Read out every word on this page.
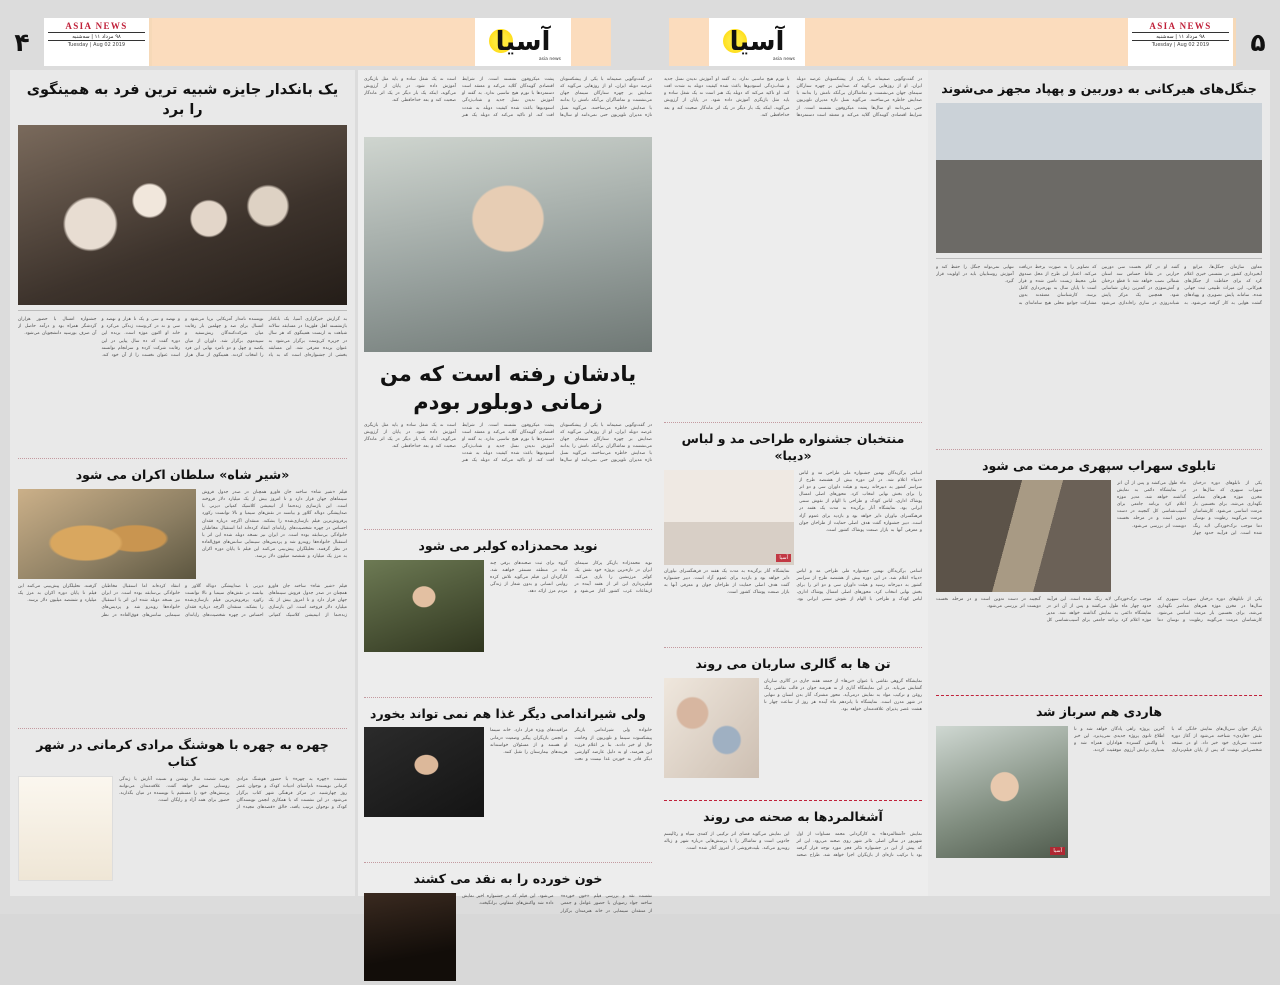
۵
ASIA NEWS
۹۸ مرداد ۱۱ | سه‌شنبه
Tuesday | Aug 02 2019
آسیا
asia news
آسیا
asia news
ASIA NEWS
۹۸ مرداد ۱۱ | سه‌شنبه
Tuesday | Aug 02 2019
۴
یک بانکدار جایزه شبیه ترین فرد به همینگوی را برد
به گزارش خبرگزاری آسیا، یک بانکدار بازنشسته اهل فلوریدا در مسابقه سالانه شباهت به ارنست همینگوی که هر سال در جزیره کی‌وست برگزار می‌شود به عنوان برنده معرفی شد. این مسابقه بخشی از جشنواره‌ای است که به یاد نویسنده نامدار آمریکایی برپا می‌شود و امسال برای صد و چهلمین بار رقابت میان شرکت‌کنندگان ریش‌سفید و سپیدموی برگزار شد. داوران از میان یکصد و چهل و دو نامزد نهایی این فرد را انتخاب کردند. همینگوی از سال هزار و نهصد و سی و یک تا هزار و نهصد و سی و نه در کی‌وست زندگی می‌کرد و خانه او اکنون موزه است. برنده این دوره گفت که ده سال پیاپی در این رقابت شرکت کرده و سرانجام توانسته است عنوان نخست را از آن خود کند. جشنواره امسال با حضور هزاران گردشگر همراه بود و درآمد حاصل از آن صرف بورسیه دانشجویان می‌شود.
«شیر شاه» سلطان اکران می شود
فیلم «شیر شاه» ساخته جان فاورو همچنان در صدر جدول فروش سینماهای جهان قرار دارد و تا امروز بیش از یک میلیارد دلار فروخته است. این بازسازی زنده‌نما از انیمیشن کلاسیک کمپانی دیزنی با صداپیشگی دونالد گلاور و بیانسه در نقش‌های سیمبا و نالا توانست رکورد پرفروش‌ترین فیلم بازسازی‌شده را بشکند. منتقدان اگرچه درباره فقدان احساس در چهره شخصیت‌های رایانه‌ای انتقاد کرده‌اند اما استقبال مخاطبان خانوادگی بی‌سابقه بوده است. در ایران نیز نسخه دوبله شده این اثر با استقبال خانواده‌ها روبه‌رو شد و پردیس‌های سینمایی سانس‌های فوق‌العاده در نظر گرفتند. تحلیلگران پیش‌بینی می‌کنند این فیلم تا پایان دوره اکران به مرز یک میلیارد و ششصد میلیون دلار برسد.
فیلم «شیر شاه» ساخته جان فاورو همچنان در صدر جدول فروش سینماهای جهان قرار دارد و تا امروز بیش از یک میلیارد دلار فروخته است. این بازسازی زنده‌نما از انیمیشن کلاسیک کمپانی دیزنی با صداپیشگی دونالد گلاور و بیانسه در نقش‌های سیمبا و نالا توانست رکورد پرفروش‌ترین فیلم بازسازی‌شده را بشکند. منتقدان اگرچه درباره فقدان احساس در چهره شخصیت‌های رایانه‌ای انتقاد کرده‌اند اما استقبال مخاطبان خانوادگی بی‌سابقه بوده است. در ایران نیز نسخه دوبله شده این اثر با استقبال خانواده‌ها روبه‌رو شد و پردیس‌های سینمایی سانس‌های فوق‌العاده در نظر گرفتند. تحلیلگران پیش‌بینی می‌کنند این فیلم تا پایان دوره اکران به مرز یک میلیارد و ششصد میلیون دلار برسد.
چهره به چهره با هوشنگ مرادی کرمانی در شهر کتاب
نشست «چهره به چهره» با حضور هوشنگ مرادی کرمانی نویسنده نام‌آشنای ادبیات کودک و نوجوان عصر روز چهارشنبه در مرکز فرهنگی شهر کتاب برگزار می‌شود. در این نشست که با همکاری انجمن نویسندگان کودک و نوجوان ترتیب یافته، خالق «قصه‌های مجید» از تجربه شصت سال نوشتن و نسبت آثارش با زندگی روستایی سخن خواهد گفت. علاقه‌مندان می‌توانند پرسش‌های خود را مستقیم با نویسنده در میان بگذارند. حضور برای همه آزاد و رایگان است.
در گفت‌وگویی صمیمانه با یکی از پیشکسوتان عرصه دوبله ایران، او از روزهایی می‌گوید که صدایش بر چهره ستارگان سینمای جهان می‌نشست و تماشاگران بی‌آنکه نامش را بدانند با صدایش خاطره می‌ساختند. می‌گوید نسل تازه مدیران تلویزیون حتی نمی‌دانند او سال‌ها پشت میکروفون نشسته است. از شرایط اقتصادی گویندگان گلایه می‌کند و معتقد است دستمزدها با تورم هیچ تناسبی ندارد. به گفته او آموزش ندیدن نسل جدید و شتاب‌زدگی استودیوها باعث شده کیفیت دوبله به شدت افت کند. او تاکید می‌کند که دوبله یک هنر است نه یک شغل ساده و باید مثل بازیگری آموزش داده شود. در پایان از آرزویش می‌گوید، اینکه یک بار دیگر در یک اثر ماندگار صحبت کند و بعد خداحافظی کند.
یادشان رفته است که من زمانی دوبلور بودم
در گفت‌وگویی صمیمانه با یکی از پیشکسوتان عرصه دوبله ایران، او از روزهایی می‌گوید که صدایش بر چهره ستارگان سینمای جهان می‌نشست و تماشاگران بی‌آنکه نامش را بدانند با صدایش خاطره می‌ساختند. می‌گوید نسل تازه مدیران تلویزیون حتی نمی‌دانند او سال‌ها پشت میکروفون نشسته است. از شرایط اقتصادی گویندگان گلایه می‌کند و معتقد است دستمزدها با تورم هیچ تناسبی ندارد. به گفته او آموزش ندیدن نسل جدید و شتاب‌زدگی استودیوها باعث شده کیفیت دوبله به شدت افت کند. او تاکید می‌کند که دوبله یک هنر است نه یک شغل ساده و باید مثل بازیگری آموزش داده شود. در پایان از آرزویش می‌گوید، اینکه یک بار دیگر در یک اثر ماندگار صحبت کند و بعد خداحافظی کند.
نوید محمدزاده کولبر می شود
نوید محمدزاده بازیگر پرکار سینمای ایران در تازه‌ترین پروژه خود نقش یک کولبر مرزنشین را بازی می‌کند. فیلم‌برداری این اثر از هفته آینده در ارتفاعات غرب کشور آغاز می‌شود و گروه برای ثبت صحنه‌های برفی چند ماه در منطقه مستقر خواهند شد. کارگردان این فیلم می‌گوید تلاش کرده روایتی انسانی و بدون شعار از زندگی مردم مرز ارائه دهد.
ولی شیراندامی دیگر غذا هم نمی تواند بخورد
خانواده ولی شیراندامی بازیگر پیشکسوت سینما و تلویزیون از وخامت حال او خبر دادند. بنا بر اعلام فرزند این هنرمند، او به دلیل عارضه گوارشی دیگر قادر به خوردن غذا نیست و تحت مراقبت‌های ویژه قرار دارد. خانه سینما و انجمن بازیگران پیگیر وضعیت درمانی او هستند و از مسئولان خواسته‌اند هزینه‌های بیمارستان را تقبل کنند.
خون خورده را به نقد می کشند
نشست نقد و بررسی فیلم «خون خورده» ساخته جواد رضویان با حضور عوامل و جمعی از منتقدان سینمایی در خانه هنرمندان برگزار می‌شود. این فیلم که در جشنواره اخیر نمایش داده شد واکنش‌های متفاوتی برانگیخت.
در گفت‌وگویی صمیمانه با یکی از پیشکسوتان عرصه دوبله ایران، او از روزهایی می‌گوید که صدایش بر چهره ستارگان سینمای جهان می‌نشست و تماشاگران بی‌آنکه نامش را بدانند با صدایش خاطره می‌ساختند. می‌گوید نسل تازه مدیران تلویزیون حتی نمی‌دانند او سال‌ها پشت میکروفون نشسته است. از شرایط اقتصادی گویندگان گلایه می‌کند و معتقد است دستمزدها با تورم هیچ تناسبی ندارد. به گفته او آموزش ندیدن نسل جدید و شتاب‌زدگی استودیوها باعث شده کیفیت دوبله به شدت افت کند. او تاکید می‌کند که دوبله یک هنر است نه یک شغل ساده و باید مثل بازیگری آموزش داده شود. در پایان از آرزویش می‌گوید، اینکه یک بار دیگر در یک اثر ماندگار صحبت کند و بعد خداحافظی کند.
منتخبان جشنواره طراحی مد و لباس «دیبا»
اسامی برگزیدگان نهمین جشنواره ملی طراحی مد و لباس «دیبا» اعلام شد. در این دوره بیش از هشتصد طرح از سراسر کشور به دبیرخانه رسید و هیئت داوران سی و دو اثر را برای بخش نهایی انتخاب کرد. محورهای اصلی امسال پوشاک اداری، لباس کودک و طراحی با الهام از نقوش سنتی ایرانی بود. نمایشگاه آثار برگزیده به مدت یک هفته در فرهنگسرای نیاوران دایر خواهد بود و بازدید برای عموم آزاد است. دبیر جشنواره گفت هدف اصلی حمایت از طراحان جوان و معرفی آنها به بازار صنعت پوشاک کشور است.
آسیا
اسامی برگزیدگان نهمین جشنواره ملی طراحی مد و لباس «دیبا» اعلام شد. در این دوره بیش از هشتصد طرح از سراسر کشور به دبیرخانه رسید و هیئت داوران سی و دو اثر را برای بخش نهایی انتخاب کرد. محورهای اصلی امسال پوشاک اداری، لباس کودک و طراحی با الهام از نقوش سنتی ایرانی بود. نمایشگاه آثار برگزیده به مدت یک هفته در فرهنگسرای نیاوران دایر خواهد بود و بازدید برای عموم آزاد است. دبیر جشنواره گفت هدف اصلی حمایت از طراحان جوان و معرفی آنها به بازار صنعت پوشاک کشور است.
تن ها به گالری ساربان می روند
نمایشگاه گروهی نقاشی با عنوان «تن‌ها» از جمعه هفته جاری در گالری ساربان گشایش می‌یابد. در این نمایشگاه آثاری از نه هنرمند جوان در قالب نقاشی رنگ روغن و ترکیب مواد به نمایش درمی‌آید. محور مشترک آثار بدن انسان و تنهایی در شهر مدرن است. نمایشگاه تا پانزدهم ماه آینده هر روز از ساعت چهار تا هشت عصر پذیرای علاقه‌مندان خواهد بود.
آشغالمردها به صحنه می روند
نمایش «آشغالمردها» به کارگردانی محمد مساوات از اول شهریور در سالن اصلی تئاتر شهر روی صحنه می‌رود. این اثر که پیش از این در جشنواره تئاتر فجر مورد توجه قرار گرفته بود با ترکیب تازه‌ای از بازیگران اجرا خواهد شد. طراح صحنه این نمایش می‌گوید فضای اثر ترکیبی از کمدی سیاه و رئالیسم جادویی است و تماشاگر را با پرسش‌هایی درباره شهر و زباله روبه‌رو می‌کند. بلیت‌فروشی از امروز آغاز شده است.
جنگل‌های هیرکانی به دوربین و پهپاد مجهز می‌شوند
معاون سازمان جنگل‌ها، مراتع و آبخیزداری کشور در نشستی خبری اعلام کرد که برای حفاظت از جنگل‌های هیرکانی، این میراث طبیعی ثبت جهانی شده، سامانه پایش تصویری و پهپادهای گشت هوایی به کار گرفته می‌شود. به گفته او در گام نخست سی دوربین حرارتی در نقاط حساس سه استان شمالی نصب خواهد شد تا قطع درختان و آتش‌سوزی در کمترین زمان شناسایی شود. همچنین یک مرکز پایش شبانه‌روزی در ساری راه‌اندازی می‌شود که تصاویر را به صورت برخط دریافت می‌کند. اعتبار این طرح از محل صندوق ملی محیط زیست تامین شده و قرار است تا پایان سال به بهره‌برداری کامل برسد. کارشناسان معتقدند بدون مشارکت جوامع محلی هیچ سامانه‌ای به تنهایی نمی‌تواند جنگل را حفظ کند و آموزش روستاییان باید در اولویت قرار گیرد.
تابلوی سهراب سپهری مرمت می شود
یکی از تابلوهای دوره درختان سهراب سپهری که سال‌ها در مخزن موزه هنرهای معاصر نگهداری می‌شد، برای نخستین بار مرمت اساسی می‌شود. کارشناسان مرمت می‌گویند رطوبت و نوسان دما موجب ترک‌خوردگی لایه رنگ شده است. این فرآیند حدود چهار ماه طول می‌کشد و پس از آن اثر در نمایشگاه دائمی به نمایش گذاشته خواهد شد. مدیر موزه اعلام کرد برنامه جامعی برای آسیب‌شناسی کل گنجینه در دست تدوین است و در مرحله نخست دویست اثر بررسی می‌شود.
یکی از تابلوهای دوره درختان سهراب سپهری که سال‌ها در مخزن موزه هنرهای معاصر نگهداری می‌شد، برای نخستین بار مرمت اساسی می‌شود. کارشناسان مرمت می‌گویند رطوبت و نوسان دما موجب ترک‌خوردگی لایه رنگ شده است. این فرآیند حدود چهار ماه طول می‌کشد و پس از آن اثر در نمایشگاه دائمی به نمایش گذاشته خواهد شد. مدیر موزه اعلام کرد برنامه جامعی برای آسیب‌شناسی کل گنجینه در دست تدوین است و در مرحله نخست دویست اثر بررسی می‌شود.
هاردی هم سرباز شد
بازیگر جوان سریال‌های نمایش خانگی که با نقش «هاردی» شناخته می‌شود از آغاز دوره خدمت سربازی خود خبر داد. او در صفحه شخصی‌اش نوشت که پس از پایان فیلم‌برداری آخرین پروژه راهی پادگان خواهد شد و تا اطلاع ثانوی پروژه جدیدی نمی‌پذیرد. این خبر با واکنش گسترده هواداران همراه شد و بسیاری برایش آرزوی موفقیت کردند.
آسیا
